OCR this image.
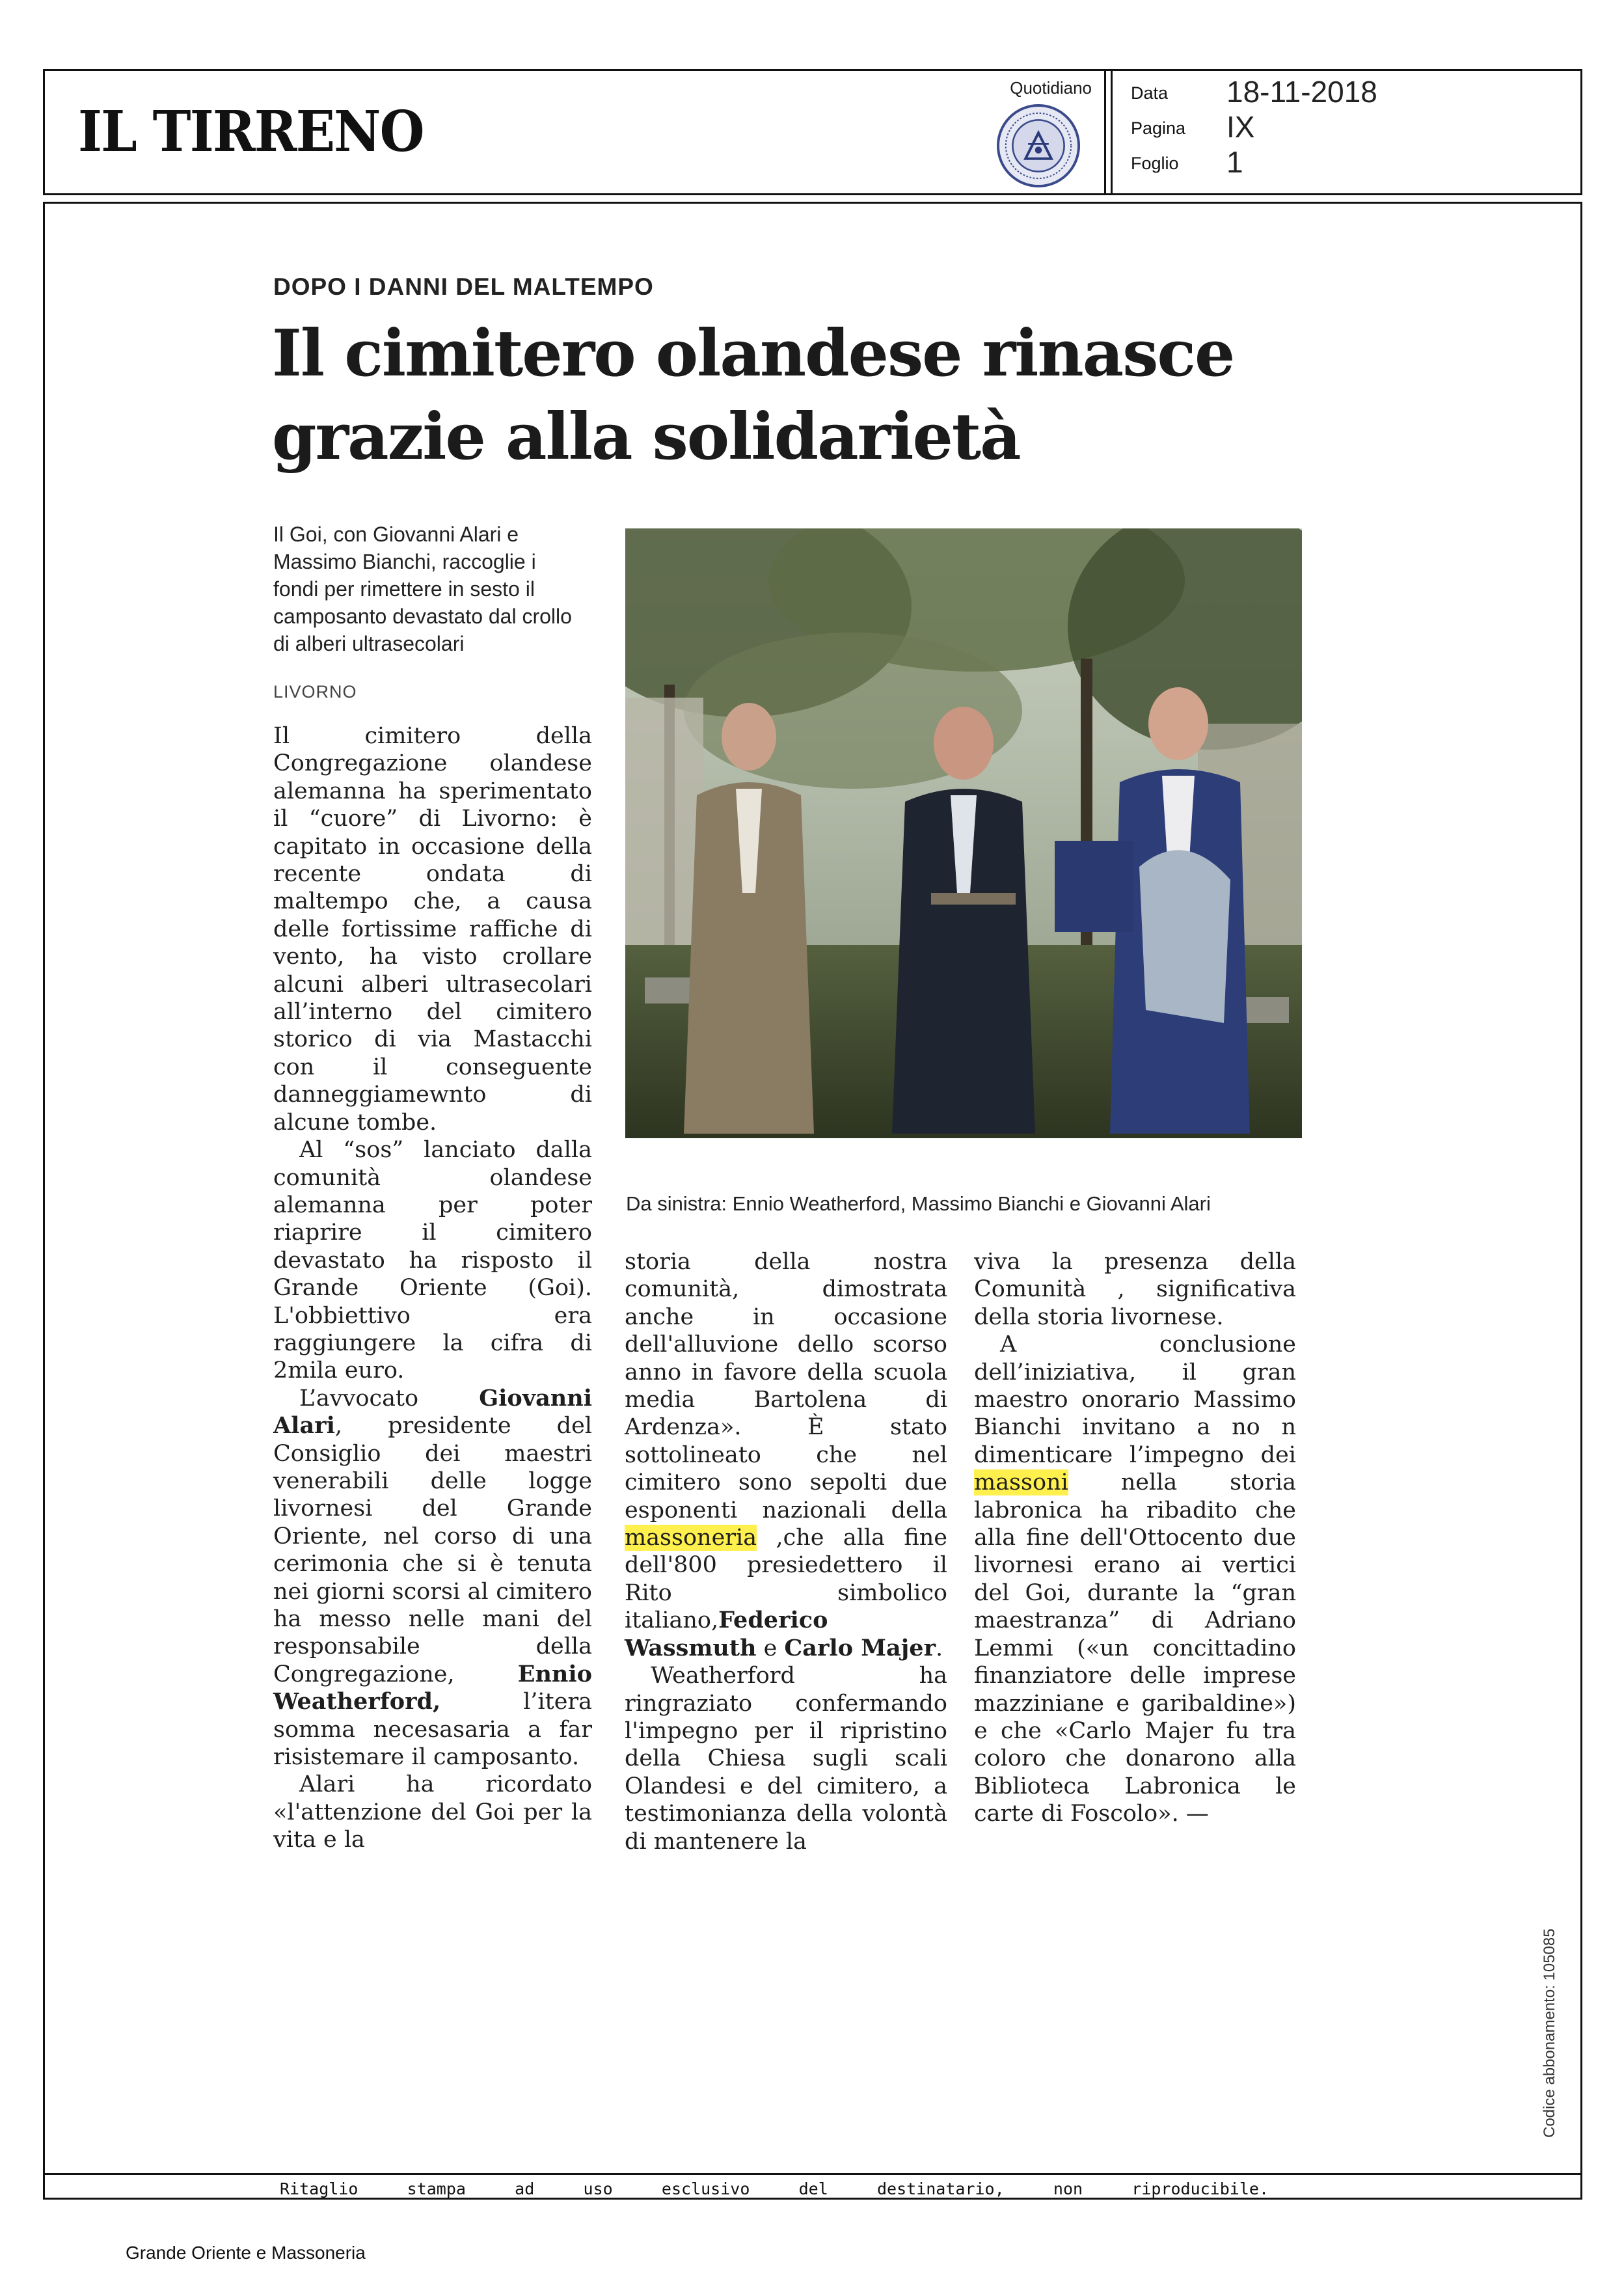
IL TIRRENO
Quotidiano Data 18-11-2018
Pagina IX
Foglio 1
DOPO I DANNI DEL MALTEMPO
Il cimitero olandese rinasce
grazie alla solidarietà
Il Goi, con Giovanni Alari e Massimo Bianchi, raccoglie i fondi per rimettere in sesto il camposanto devastato dal crollo di alberi ultrasecolari
LIVORNO
Da sinistra: Ennio Weatherford, Massimo Bianchi e Giovanni Alari

Il cimitero della Congregazione olandese alemanna ha sperimentato il “cuore” di Livorno: è capitato in occasione della recente ondata di maltempo che, a causa delle fortissime raffiche di vento, ha visto crollare alcuni alberi ultrasecolari all’interno del cimitero storico di via Mastacchi con il conseguente danneggiamewnto di alcune tombe.

Al “sos” lanciato dalla comunità olandese alemanna per poter riaprire il cimitero devastato ha risposto il Grande Oriente (Goi). L'obbiettivo era raggiungere la cifra di 2mila euro.

L’avvocato Giovanni Alari, presidente del Consiglio dei maestri venerabili delle logge livornesi del Grande Oriente, nel corso di una cerimonia che si è tenuta nei giorni scorsi al cimitero ha messo nelle mani del responsabile della Congregazione, Ennio Weatherford, l’itera somma necesasaria a far risistemare il camposanto.

Alari ha ricordato «l'attenzione del Goi per la vita e la

storia della nostra comunità, dimostrata anche in occasione dell'alluvione dello scorso anno in favore della scuola media Bartolena di Ardenza». È stato sottolineato che nel cimitero sono sepolti due esponenti nazionali della massoneria ,che alla fine dell'800 presiedettero il Rito simbolico italiano,Federico Wassmuth e Carlo Majer.

Weatherford ha ringraziato confermando l'impegno per il ripristino della Chiesa sugli scali Olandesi e del cimitero, a testimonianza della volontà di mantenere la

viva la presenza della Comunità , significativa della storia livornese.

A conclusione dell’iniziativa, il gran maestro onorario Massimo Bianchi invitano a no n dimenticare l’impegno dei massoni nella storia labronica ha ribadito che alla fine dell'Ottocento due livornesi erano ai vertici del Goi, durante la “gran maestranza” di Adriano Lemmi («un concittadino finanziatore delle imprese mazziniane e garibaldine») e che «Carlo Majer fu tra coloro che donarono alla Biblioteca Labronica le carte di Foscolo». —

Ritaglio stampa ad uso esclusivo del destinatario, non riproducibile.
Codice abbonamento: 105085
Grande Oriente e Massoneria
